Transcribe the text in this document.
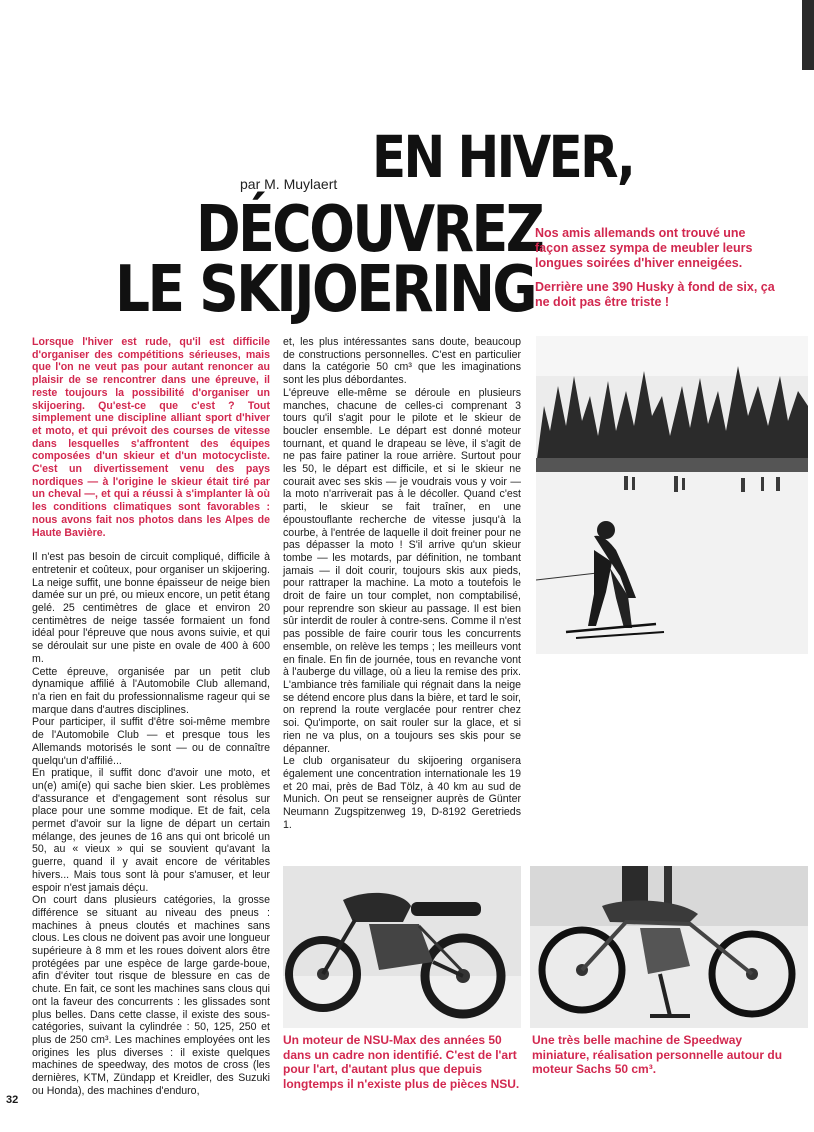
par M. Muylaert EN HIVER,
DÉCOUVREZ
LE SKIJOERING

Nos amis allemands ont trouvé une façon assez sympa de meubler leurs longues soirées d'hiver enneigées.

Derrière une 390 Husky à fond de six, ça ne doit pas être triste !

Lorsque l'hiver est rude, qu'il est difficile d'organiser des compétitions sérieuses, mais que l'on ne veut pas pour autant renoncer au plaisir de se rencontrer dans une épreuve, il reste toujours la possibilité d'organiser un skijoering. Qu'est-ce que c'est ? Tout simplement une discipline alliant sport d'hiver et moto, et qui prévoit des courses de vitesse dans lesquelles s'affrontent des équipes composées d'un skieur et d'un motocycliste. C'est un divertissement venu des pays nordiques — à l'origine le skieur était tiré par un cheval —, et qui a réussi à s'implanter là où les conditions climatiques sont favorables : nous avons fait nos photos dans les Alpes de Haute Bavière.

Il n'est pas besoin de circuit compliqué, difficile à entretenir et coûteux, pour organiser un skijoering. La neige suffit, une bonne épaisseur de neige bien damée sur un pré, ou mieux encore, un petit étang gelé. 25 centimètres de glace et environ 20 centimètres de neige tassée formaient un fond idéal pour l'épreuve que nous avons suivie, et qui se déroulait sur une piste en ovale de 400 à 600 m.

Cette épreuve, organisée par un petit club dynamique affilié à l'Automobile Club allemand, n'a rien en fait du professionnalisme rageur qui se marque dans d'autres disciplines.

Pour participer, il suffit d'être soi-même membre de l'Automobile Club — et presque tous les Allemands motorisés le sont — ou de connaître quelqu'un d'affilié...

En pratique, il suffit donc d'avoir une moto, et un(e) ami(e) qui sache bien skier. Les problèmes d'assurance et d'engagement sont résolus sur place pour une somme modique. Et de fait, cela permet d'avoir sur la ligne de départ un certain mélange, des jeunes de 16 ans qui ont bricolé un 50, au « vieux » qui se souvient qu'avant la guerre, quand il y avait encore de véritables hivers... Mais tous sont là pour s'amuser, et leur espoir n'est jamais déçu.

On court dans plusieurs catégories, la grosse différence se situant au niveau des pneus : machines à pneus cloutés et machines sans clous. Les clous ne doivent pas avoir une longueur supérieure à 8 mm et les roues doivent alors être protégées par une espèce de large garde-boue, afin d'éviter tout risque de blessure en cas de chute. En fait, ce sont les machines sans clous qui ont la faveur des concurrents : les glissades sont plus belles. Dans cette classe, il existe des sous-catégories, suivant la cylindrée : 50, 125, 250 et plus de 250 cm³. Les machines employées ont les origines les plus diverses : il existe quelques machines de speedway, des motos de cross (les dernières, KTM, Zündapp et Kreidler, des Suzuki ou Honda), des machines d'enduro,

et, les plus intéressantes sans doute, beaucoup de constructions personnelles. C'est en particulier dans la catégorie 50 cm³ que les imaginations sont les plus débordantes.

L'épreuve elle-même se déroule en plusieurs manches, chacune de celles-ci comprenant 3 tours qu'il s'agit pour le pilote et le skieur de boucler ensemble. Le départ est donné moteur tournant, et quand le drapeau se lève, il s'agit de ne pas faire patiner la roue arrière. Surtout pour les 50, le départ est difficile, et si le skieur ne courait avec ses skis — je voudrais vous y voir — la moto n'arriverait pas à le décoller. Quand c'est parti, le skieur se fait traîner, en une époustouflante recherche de vitesse jusqu'à la courbe, à l'entrée de laquelle il doit freiner pour ne pas dépasser la moto ! S'il arrive qu'un skieur tombe — les motards, par définition, ne tombant jamais — il doit courir, toujours skis aux pieds, pour rattraper la machine. La moto a toutefois le droit de faire un tour complet, non comptabilisé, pour reprendre son skieur au passage. Il est bien sûr interdit de rouler à contre-sens. Comme il n'est pas possible de faire courir tous les concurrents ensemble, on relève les temps ; les meilleurs vont en finale. En fin de journée, tous en revanche vont à l'auberge du village, où a lieu la remise des prix. L'ambiance très familiale qui régnait dans la neige se détend encore plus dans la bière, et tard le soir, on reprend la route verglacée pour rentrer chez soi. Qu'importe, on sait rouler sur la glace, et si rien ne va plus, on a toujours ses skis pour se dépanner.

Le club organisateur du skijoering organisera également une concentration internationale les 19 et 20 mai, près de Bad Tölz, à 40 km au sud de Munich. On peut se renseigner auprès de Günter Neumann Zugspitzenweg 19, D-8192 Geretrieds 1.

Un moteur de NSU-Max des années 50 dans un cadre non identifié. C'est de l'art pour l'art, d'autant plus que depuis longtemps il n'existe plus de pièces NSU.
Une très belle machine de Speedway miniature, réalisation personnelle autour du moteur Sachs 50 cm³.
32
